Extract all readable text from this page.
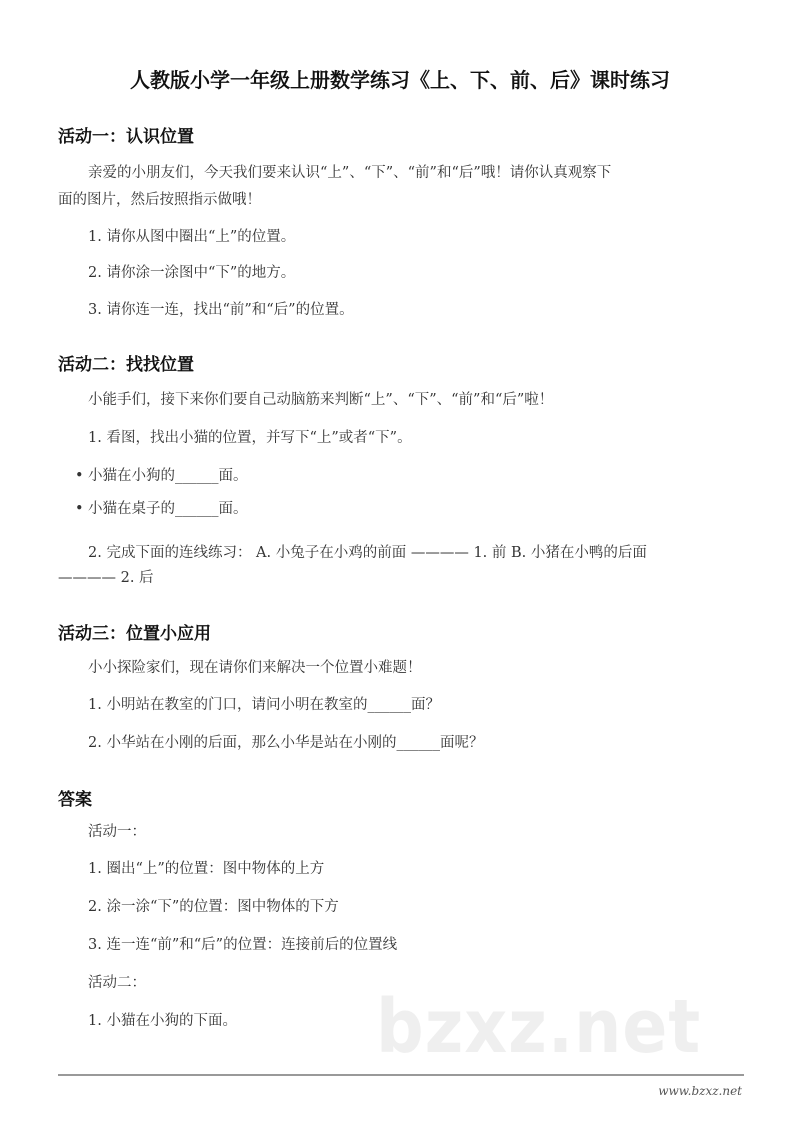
人教版小学一年级上册数学练习《上、下、前、后》课时练习
活动一：认识位置
亲爱的小朋友们，今天我们要来认识“上”、“下”、“前”和“后”哦！请你认真观察下
面的图片，然后按照指示做哦！
1. 请你从图中圈出“上”的位置。
2. 请你涂一涂图中“下”的地方。
3. 请你连一连，找出“前”和“后”的位置。
活动二：找找位置
小能手们，接下来你们要自己动脑筋来判断“上”、“下”、“前”和“后”啦！
1. 看图，找出小猫的位置，并写下“上”或者“下”。
• 小猫在小狗的______面。
• 小猫在桌子的______面。
2. 完成下面的连线练习： A. 小兔子在小鸡的前面 ———— 1. 前 B. 小猪在小鸭的后面
———— 2. 后
活动三：位置小应用
小小探险家们，现在请你们来解决一个位置小难题！
1. 小明站在教室的门口，请问小明在教室的______面？
2. 小华站在小刚的后面，那么小华是站在小刚的______面呢？
答案
活动一：
1. 圈出“上”的位置：图中物体的上方
2. 涂一涂“下”的位置：图中物体的下方
3. 连一连“前”和“后”的位置：连接前后的位置线
bzxz.net
活动二：
1. 小猫在小狗的下面。
www.bzxz.net
